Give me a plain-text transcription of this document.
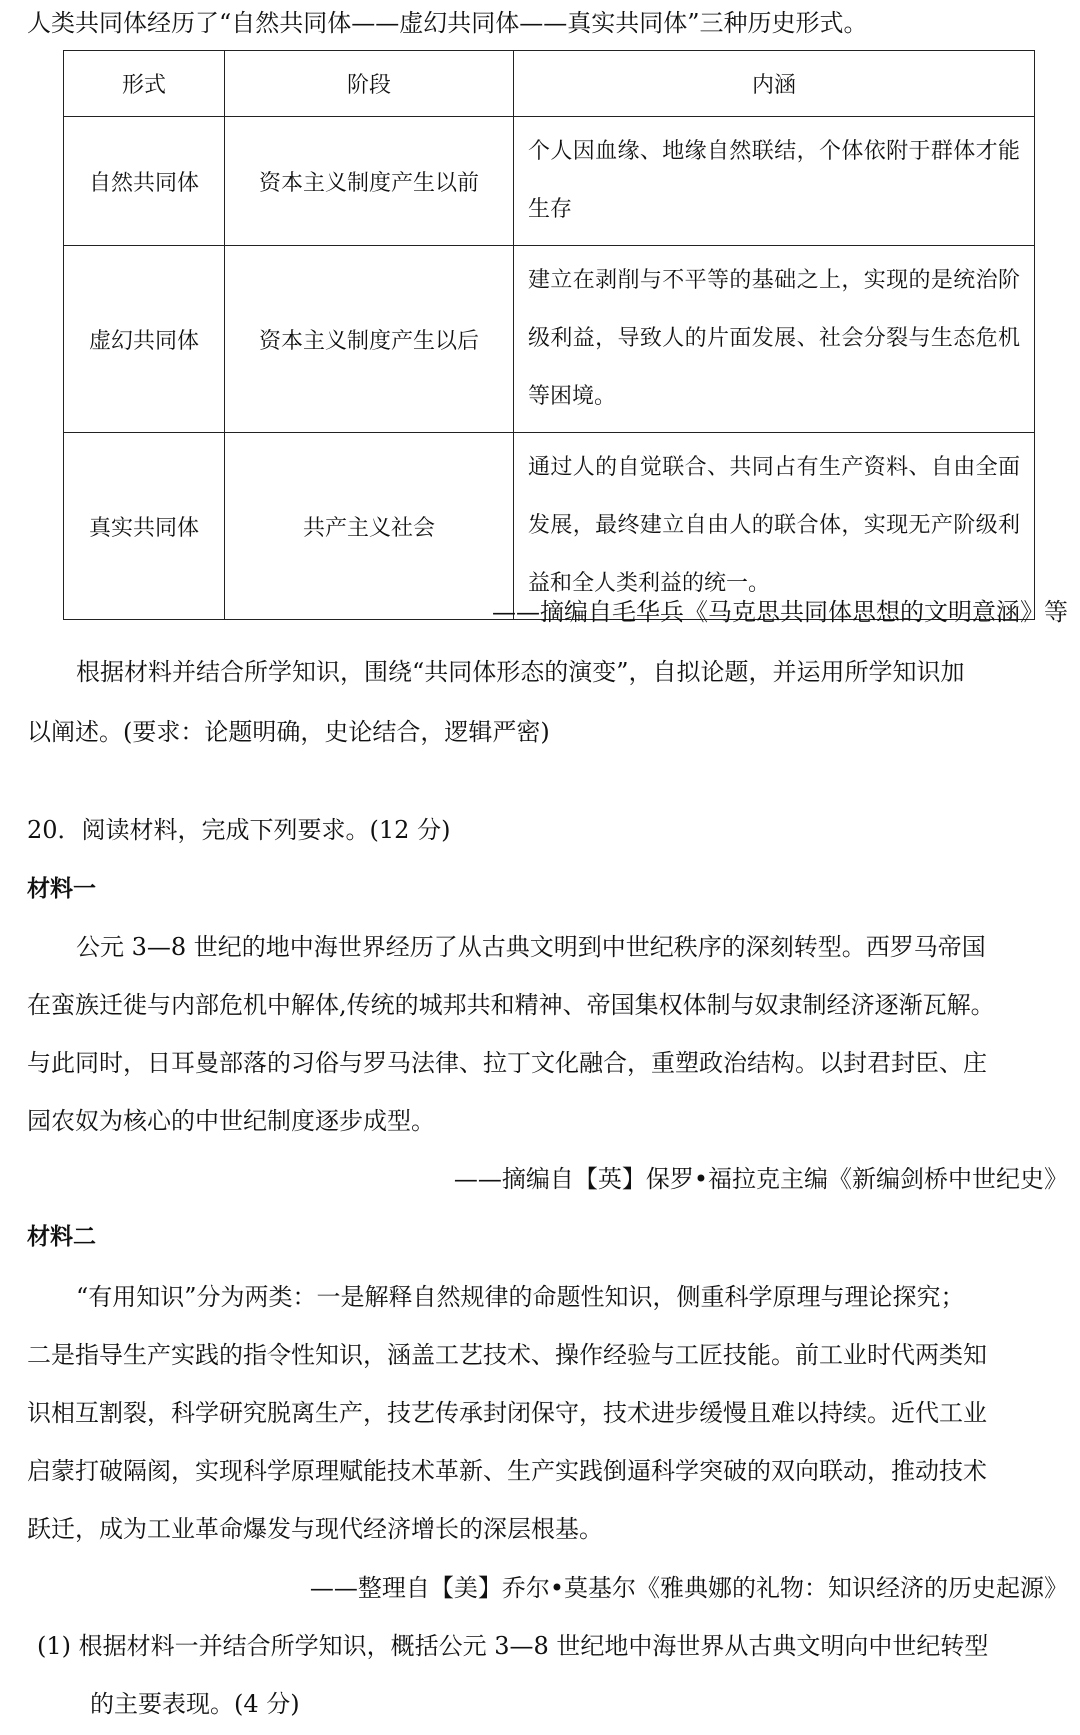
人类共同体经历了“自然共同体——虚幻共同体——真实共同体”三种历史形式。
形式	阶段	内涵
自然共同体	资本主义制度产生以前	个人因血缘、地缘自然联结，个体依附于群体才能生存
虚幻共同体	资本主义制度产生以后	建立在剥削与不平等的基础之上，实现的是统治阶级利益，导致人的片面发展、社会分裂与生态危机等困境。
真实共同体	共产主义社会	通过人的自觉联合、共同占有生产资料、自由全面发展，最终建立自由人的联合体，实现无产阶级利益和全人类利益的统一。
——摘编自毛华兵《马克思共同体思想的文明意涵》等
根据材料并结合所学知识，围绕“共同体形态的演变”，自拟论题，并运用所学知识加
以阐述。(要求：论题明确，史论结合，逻辑严密)
20．阅读材料，完成下列要求。(12 分)
材料一
公元 3—8 世纪的地中海世界经历了从古典文明到中世纪秩序的深刻转型。西罗马帝国
在蛮族迁徙与内部危机中解体,传统的城邦共和精神、帝国集权体制与奴隶制经济逐渐瓦解。
与此同时，日耳曼部落的习俗与罗马法律、拉丁文化融合，重塑政治结构。以封君封臣、庄
园农奴为核心的中世纪制度逐步成型。
——摘编自【英】保罗•福拉克主编《新编剑桥中世纪史》
材料二
“有用知识”分为两类：一是解释自然规律的命题性知识，侧重科学原理与理论探究；
二是指导生产实践的指令性知识，涵盖工艺技术、操作经验与工匠技能。前工业时代两类知
识相互割裂，科学研究脱离生产，技艺传承封闭保守，技术进步缓慢且难以持续。近代工业
启蒙打破隔阂，实现科学原理赋能技术革新、生产实践倒逼科学突破的双向联动，推动技术
跃迁，成为工业革命爆发与现代经济增长的深层根基。
——整理自【美】乔尔•莫基尔《雅典娜的礼物：知识经济的历史起源》
(1) 根据材料一并结合所学知识，概括公元 3—8 世纪地中海世界从古典文明向中世纪转型
的主要表现。(4 分)
